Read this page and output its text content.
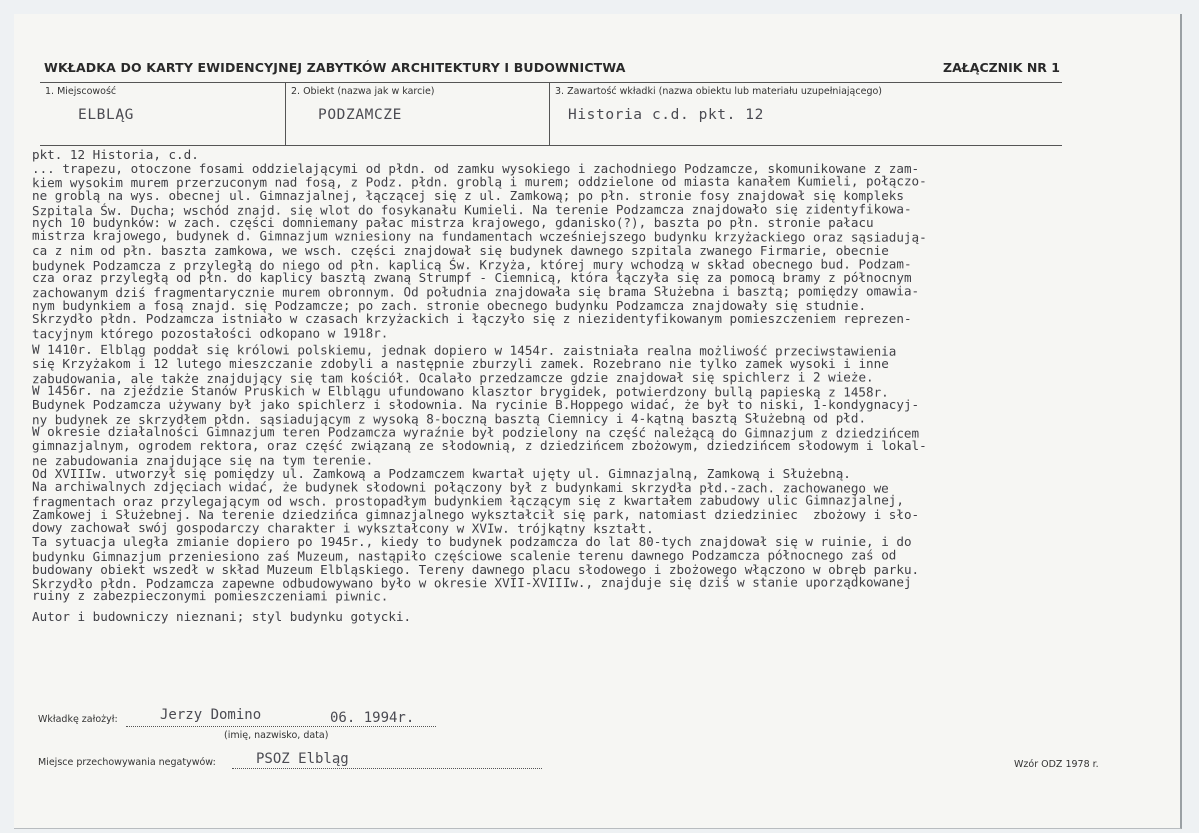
WKŁADKA DO KARTY EWIDENCYJNEJ ZABYTKÓW ARCHITEKTURY I BUDOWNICTWA	ZAŁĄCZNIK NR 1
1. Miejscowość
ELBLĄG
2. Obiekt (nazwa jak w karcie)
PODZAMCZE
3. Zawartość wkładki (nazwa obiektu lub materiału uzupełniającego)
Historia c.d. pkt. 12
pkt. 12 Historia, c.d.
... trapezu, otoczone fosami oddzielającymi od płdn. od zamku wysokiego i zachodniego Podzamcze, skomunikowane z zam-
kiem wysokim murem przerzuconym nad fosą, z Podz. płdn. groblą i murem; oddzielone od miasta kanałem Kumieli, połączo-
ne groblą na wys. obecnej ul. Gimnazjalnej, łączącej się z ul. Zamkową; po płn. stronie fosy znajdował się kompleks
Szpitala Św. Ducha; wschód znajd. się wlot do fosykanału Kumieli. Na terenie Podzamcza znajdowało się zidentyfikowa-
nych 10 budynków: w zach. części domniemany pałac mistrza krajowego, gdanisko(?), baszta po płn. stronie pałacu
mistrza krajowego, budynek d. Gimnazjum wzniesiony na fundamentach wcześniejszego budynku krzyżackiego oraz sąsiadują-
ca z nim od płn. baszta zamkowa, we wsch. części znajdował się budynek dawnego szpitala zwanego Firmarie, obecnie
budynek Podzamcza z przyległą do niego od płn. kaplicą Św. Krzyża, której mury wchodzą w skład obecnego bud. Podzam-
cza oraz przyległą od płn. do kaplicy basztą zwaną Strumpf - Ciemnicą, która łączyła się za pomocą bramy z północnym
zachowanym dziś fragmentarycznie murem obronnym. Od południa znajdowała się brama Służebna i basztą; pomiędzy omawia-
nym budynkiem a fosą znajd. się Podzamcze; po zach. stronie obecnego budynku Podzamcza znajdowały się studnie.
Skrzydło płdn. Podzamcza istniało w czasach krzyżackich i łączyło się z niezidentyfikowanym pomieszczeniem reprezen-
tacyjnym którego pozostałości odkopano w 1918r.
W 1410r. Elbląg poddał się królowi polskiemu, jednak dopiero w 1454r. zaistniała realna możliwość przeciwstawienia
się Krzyżakom i 12 lutego mieszczanie zdobyli a następnie zburzyli zamek. Rozebrano nie tylko zamek wysoki i inne
zabudowania, ale także znajdujący się tam kościół. Ocalało przedzamcze gdzie znajdował się spichlerz i 2 wieże.
W 1456r. na zjeździe Stanów Pruskich w Elblągu ufundowano klasztor brygidek, potwierdzony bullą papieską z 1458r.
Budynek Podzamcza używany był jako spichlerz i słodownia. Na rycinie B.Hoppego widać, że był to niski, 1-kondygnacyj-
ny budynek ze skrzydłem płdn. sąsiadującym z wysoką 8-boczną basztą Ciemnicy i 4-kątną basztą Służebną od płd.
W okresie działalności Gimnazjum teren Podzamcza wyraźnie był podzielony na część należącą do Gimnazjum z dziedzińcem
gimnazjalnym, ogrodem rektora, oraz część związaną ze słodownią, z dziedzińcem zbożowym, dziedzińcem słodowym i lokal-
ne zabudowania znajdujące się na tym terenie.
Od XVIIIw. utworzył się pomiędzy ul. Zamkową a Podzamczem kwartał ujęty ul. Gimnazjalną, Zamkową i Służebną.
Na archiwalnych zdjęciach widać, że budynek słodowni połączony był z budynkami skrzydła płd.-zach. zachowanego we
fragmentach oraz przylegającym od wsch. prostopadłym budynkiem łączącym się z kwartałem zabudowy ulic Gimnazjalnej,
Zamkowej i Służebnej. Na terenie dziedzińca gimnazjalnego wykształcił się park, natomiast dziedziniec  zbożowy i sło-
dowy zachował swój gospodarczy charakter i wykształcony w XVIw. trójkątny kształt.
Ta sytuacja uległa zmianie dopiero po 1945r., kiedy to budynek podzamcza do lat 80-tych znajdował się w ruinie, i do
budynku Gimnazjum przeniesiono zaś Muzeum, nastąpiło częściowe scalenie terenu dawnego Podzamcza północnego zaś od
budowany obiekt wszedł w skład Muzeum Elbląskiego. Tereny dawnego placu słodowego i zbożowego włączono w obręb parku.
Skrzydło płdn. Podzamcza zapewne odbudowywano było w okresie XVII-XVIIIw., znajduje się dziś w stanie uporządkowanej
ruiny z zabezpieczonymi pomieszczeniami piwnic.
Autor i budowniczy nieznani; styl budynku gotycki.
Wkładkę założył:	Jerzy Domino	06. 1994r.
(imię, nazwisko, data)
Miejsce przechowywania negatywów:	PSOZ Elbląg	Wzór ODZ 1978 r.
